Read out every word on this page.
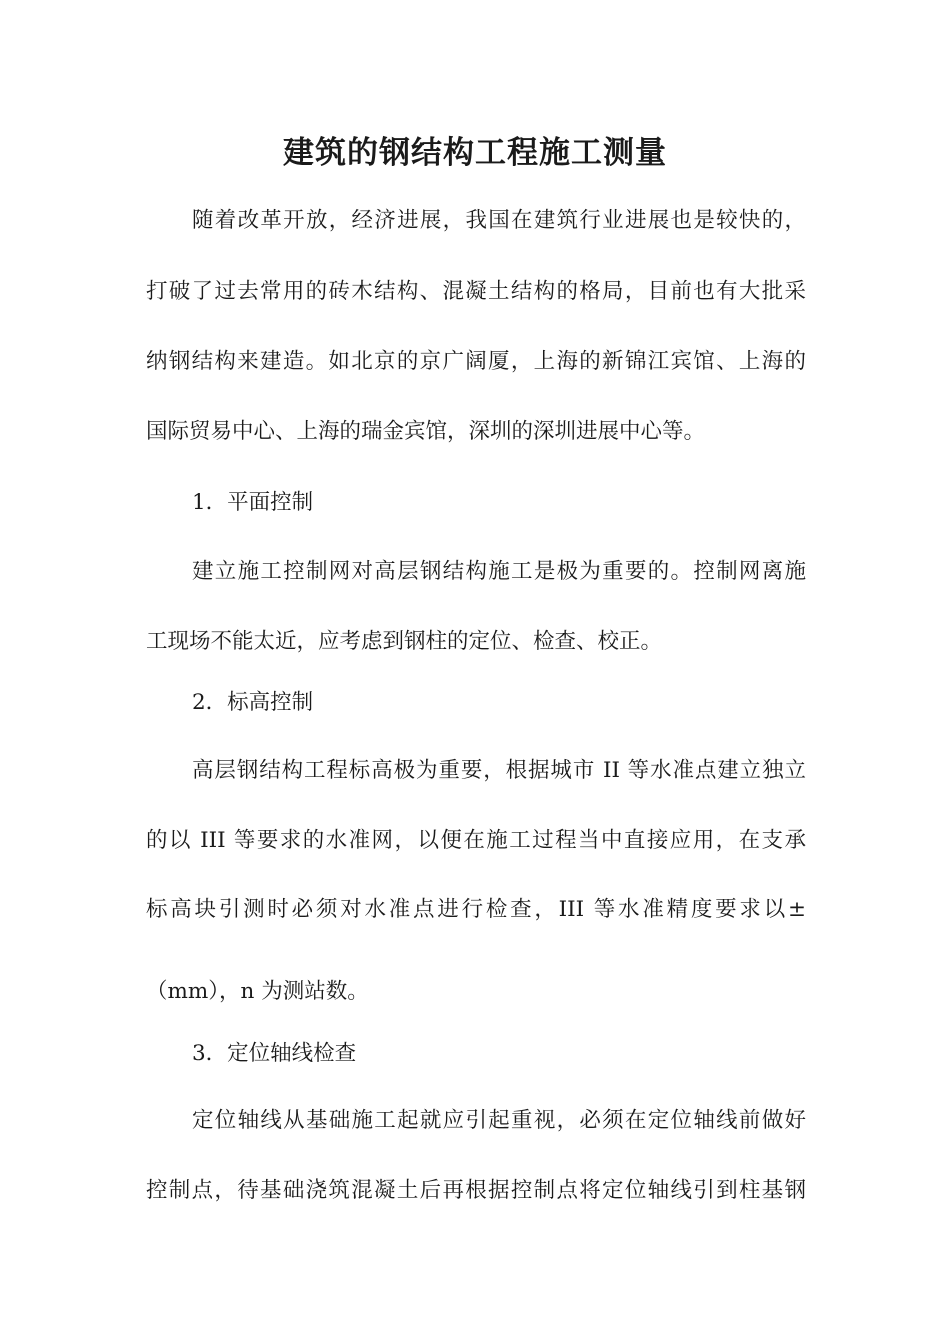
建筑的钢结构工程施工测量

随着改革开放，经济进展，我国在建筑行业进展也是较快的，

打破了过去常用的砖木结构、混凝土结构的格局，目前也有大批采

纳钢结构来建造。如北京的京广阔厦，上海的新锦江宾馆、上海的

国际贸易中心、上海的瑞金宾馆，深圳的深圳进展中心等。

1．平面控制

建立施工控制网对高层钢结构施工是极为重要的。控制网离施

工现场不能太近，应考虑到钢柱的定位、检查、校正。

2．标高控制

高层钢结构工程标高极为重要，根据城市 II 等水准点建立独立

的以 III 等要求的水准网，以便在施工过程当中直接应用，在支承

标高块引测时必须对水准点进行检查，III 等水准精度要求以±

（mm），n 为测站数。

3．定位轴线检查

定位轴线从基础施工起就应引起重视，必须在定位轴线前做好

控制点，待基础浇筑混凝土后再根据控制点将定位轴线引到柱基钢
